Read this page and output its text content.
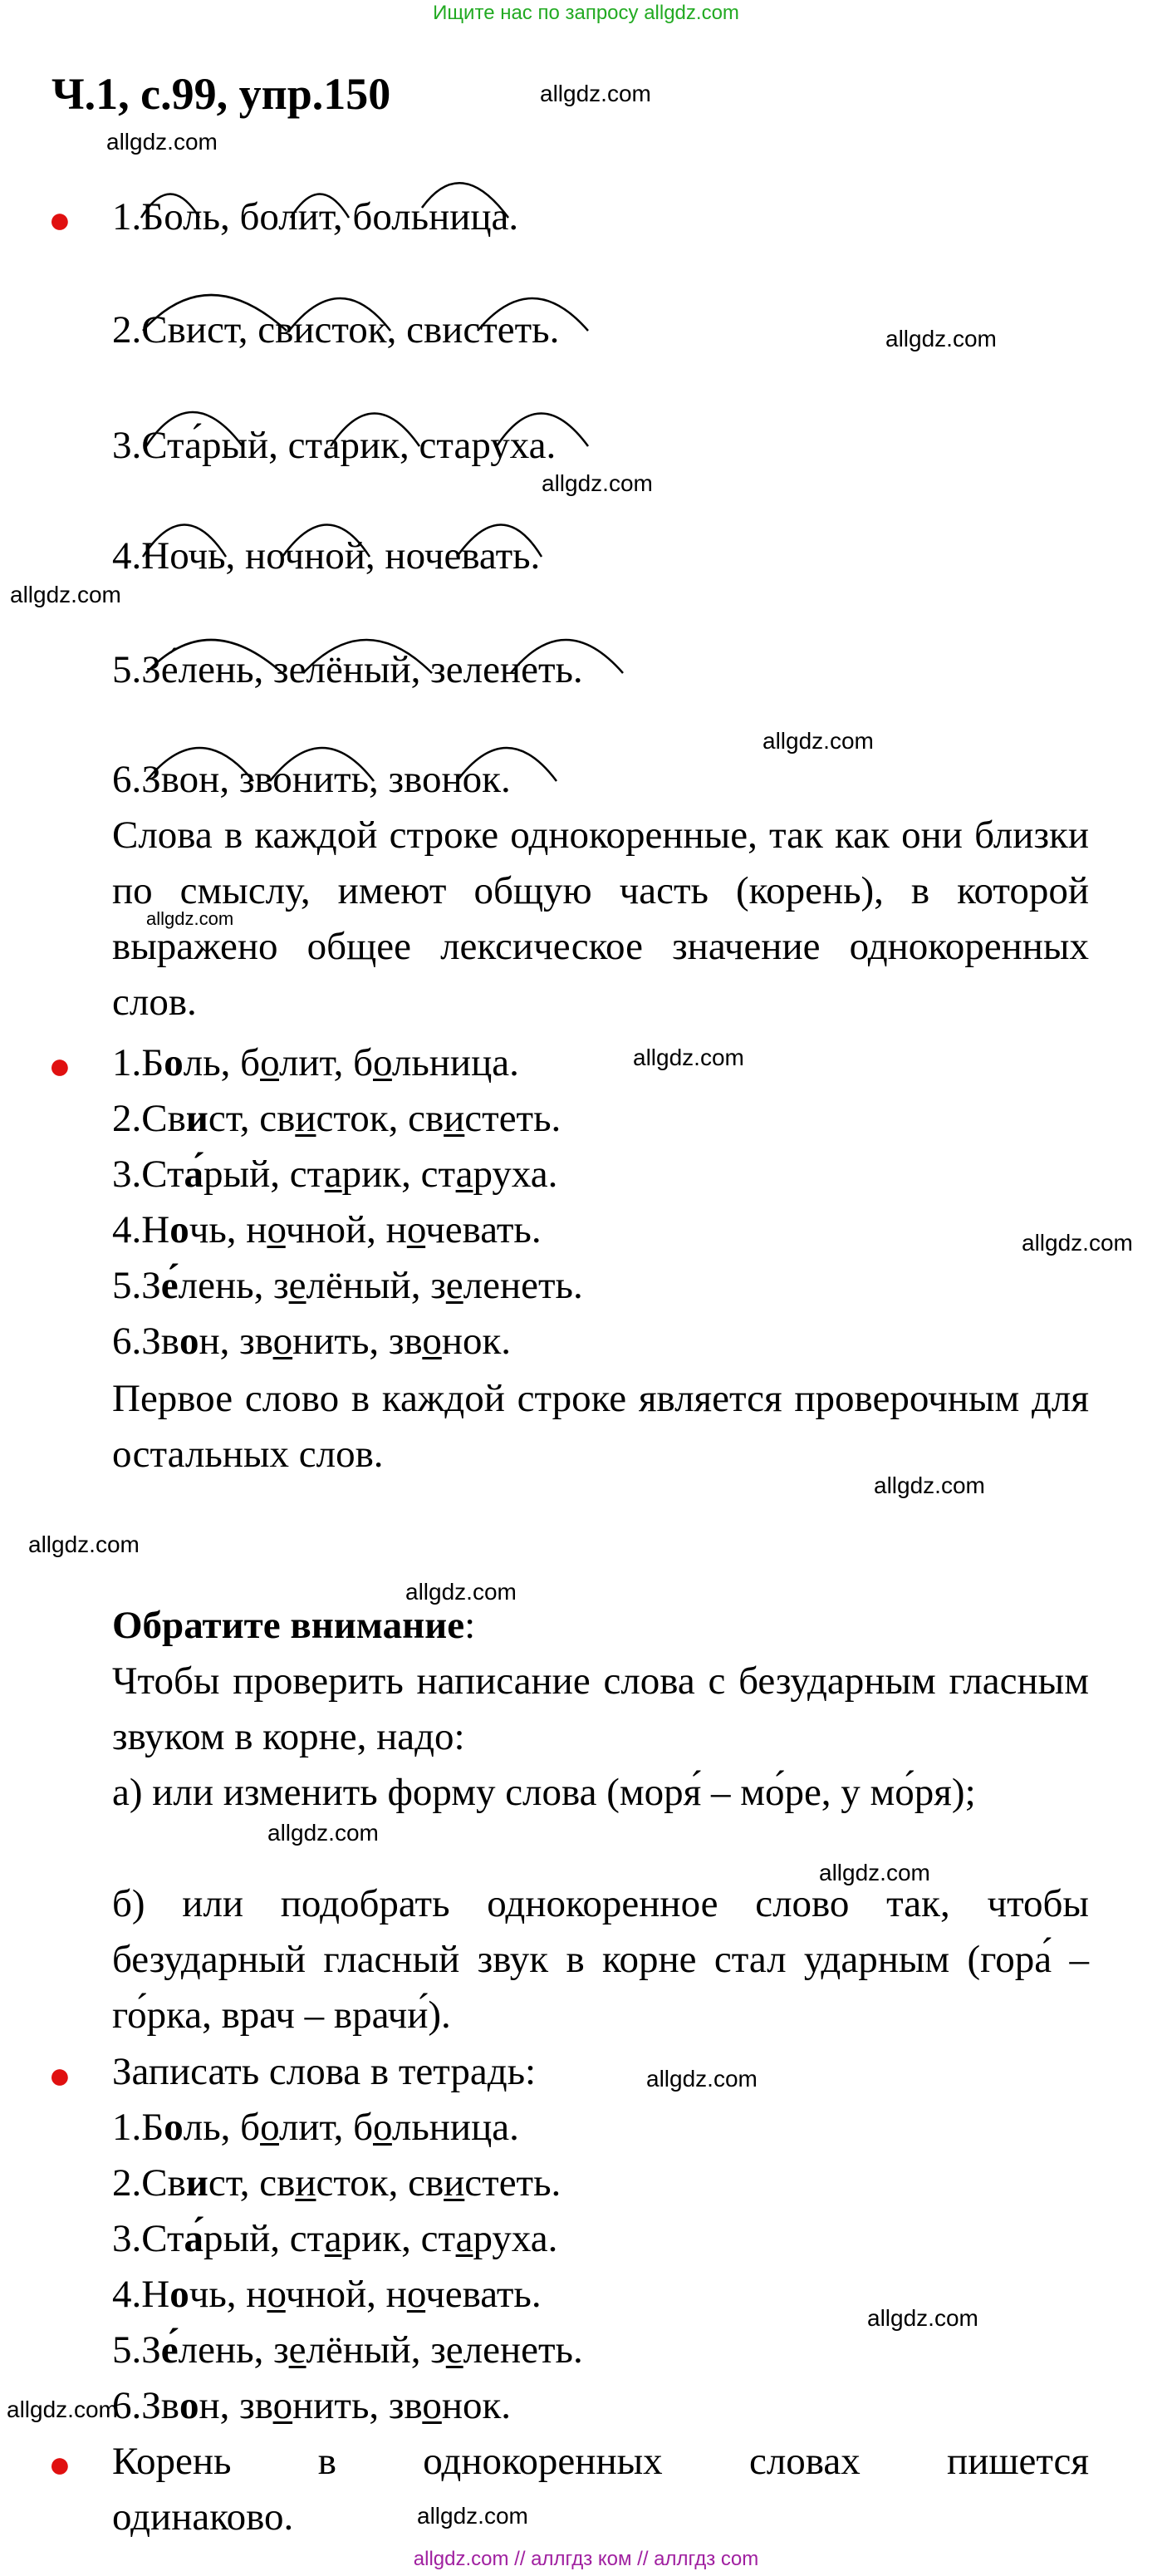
Ищите нас по запросу allgdz.com
Ч.1, с.99, упр.150
● 1.Боль, болит, больница.
2.Свист, свисток, свистеть.
3.Ста́рый, старик, старуха.
4.Ночь, ночной, ночевать.
5.Зе́лень, зелёный, зеленеть.
6.Звон, звонить, звонок.
Слова в каждой строке однокоренные, так как они близки по смыслу, имеют общую часть (корень), в которой выражено общее лексическое значение однокоренных слов.
● 1.Боль, болит, больница.
2.Свист, свисток, свистеть.
3.Ста́рый, старик, старуха.
4.Ночь, ночной, ночевать.
5.Зе́лень, зелёный, зеленеть.
6.Звон, звонить, звонок.
Первое слово в каждой строке является проверочным для остальных слов.
Обратите внимание:
Чтобы проверить написание слова с безударным гласным звуком в корне, надо:
а) или изменить форму слова (моря́ – мо́ре, у мо́ря);
б) или подобрать однокоренное слово так, чтобы безударный гласный звук в корне стал ударным (гора́ – го́рка, врач – врачи́).
● Записать слова в тетрадь:
1.Боль, болит, больница.
2.Свист, свисток, свистеть.
3.Ста́рый, старик, старуха.
4.Ночь, ночной, ночевать.
5.Зе́лень, зелёный, зеленеть.
6.Звон, звонить, звонок.
● Корень в однокоренных словах пишется
одинаково.
allgdz.com
allgdz.com
allgdz.com
allgdz.com
allgdz.com
allgdz.com
allgdz.com
allgdz.com
allgdz.com
allgdz.com
allgdz.com
allgdz.com
allgdz.com
allgdz.com
allgdz.com
allgdz.com
allgdz.com
allgdz.com
allgdz.com // аллгдз ком // аллгдз com
